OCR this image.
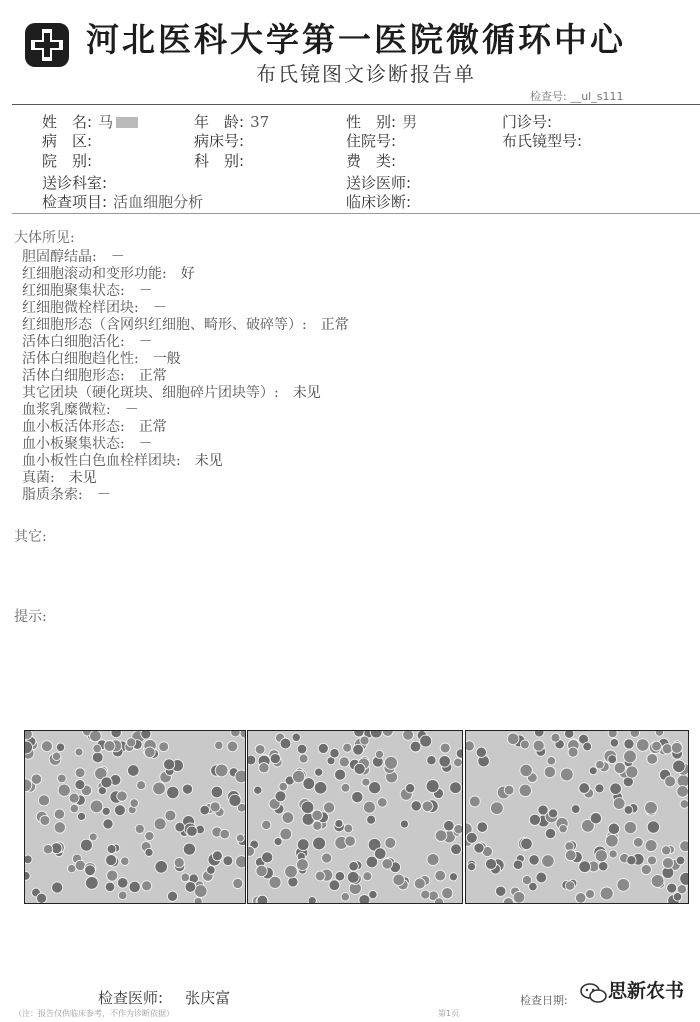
河北医科大学第一医院微循环中心
布氏镜图文诊断报告单
检查号: __ul_s111
姓　名: 马	年　龄: 37	性　别: 男	门诊号:
病　区:	病床号:	住院号:	布氏镜型号:
院　别:	科　别:	费　类:
送诊科室:	送诊医师:
检查项目: 活血细胞分析	临床诊断:
大体所见:
胆固醇结晶: －
红细胞滚动和变形功能: 好
红细胞聚集状态: －
红细胞微栓样团块: －
红细胞形态（含网织红细胞、畸形、破碎等）: 正常
活体白细胞活化: －
活体白细胞趋化性: 一般
活体白细胞形态: 正常
其它团块（硬化斑块、细胞碎片团块等）: 未见
血浆乳糜微粒: －
血小板活体形态: 正常
血小板聚集状态: －
血小板性白色血栓样团块: 未见
真菌: 未见
脂质条索: －
其它:
提示:
检查医师: 张庆富	检查日期: 思新农书
（注：报告仅供临床参考，不作为诊断依据）	第1页
